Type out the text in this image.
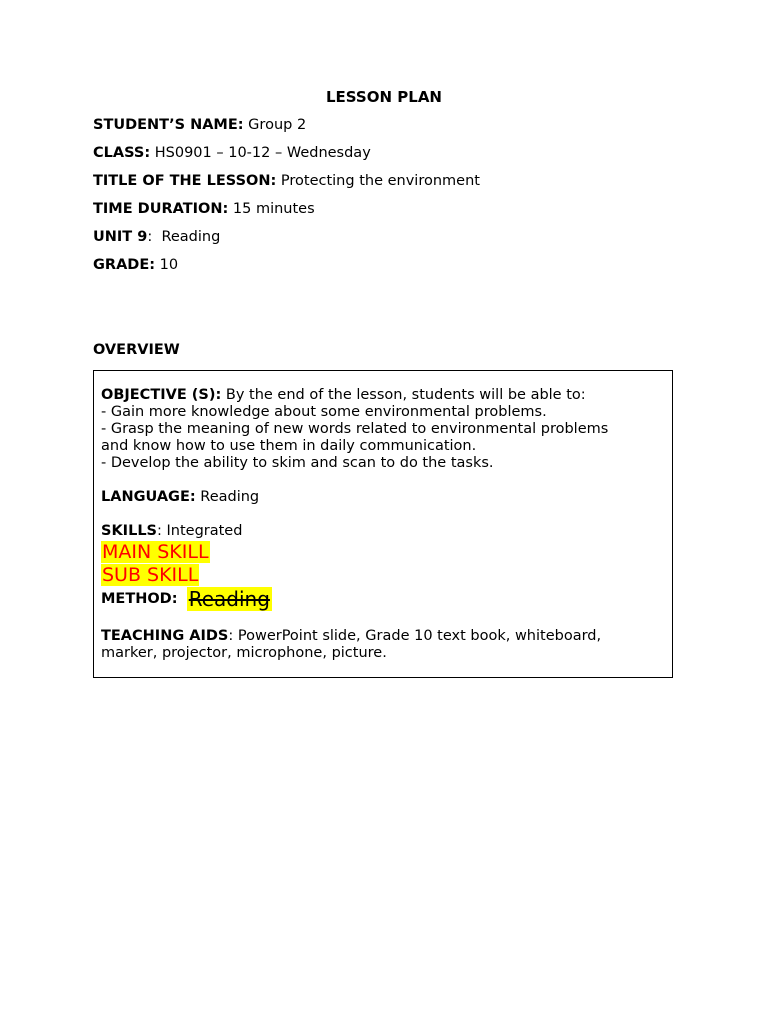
LESSON PLAN
STUDENT’S NAME: Group 2
CLASS: HS0901 – 10-12 – Wednesday
TITLE OF THE LESSON: Protecting the environment
TIME DURATION: 15 minutes
UNIT 9:  Reading
GRADE: 10
OVERVIEW
OBJECTIVE (S): By the end of the lesson, students will be able to:
- Gain more knowledge about some environmental problems.
- Grasp the meaning of new words related to environmental problems
and know how to use them in daily communication.
- Develop the ability to skim and scan to do the tasks.
LANGUAGE: Reading
SKILLS: Integrated
MAIN SKILL
SUB SKILL
METHOD: Reading
TEACHING AIDS: PowerPoint slide, Grade 10 text book, whiteboard,
marker, projector, microphone, picture.
